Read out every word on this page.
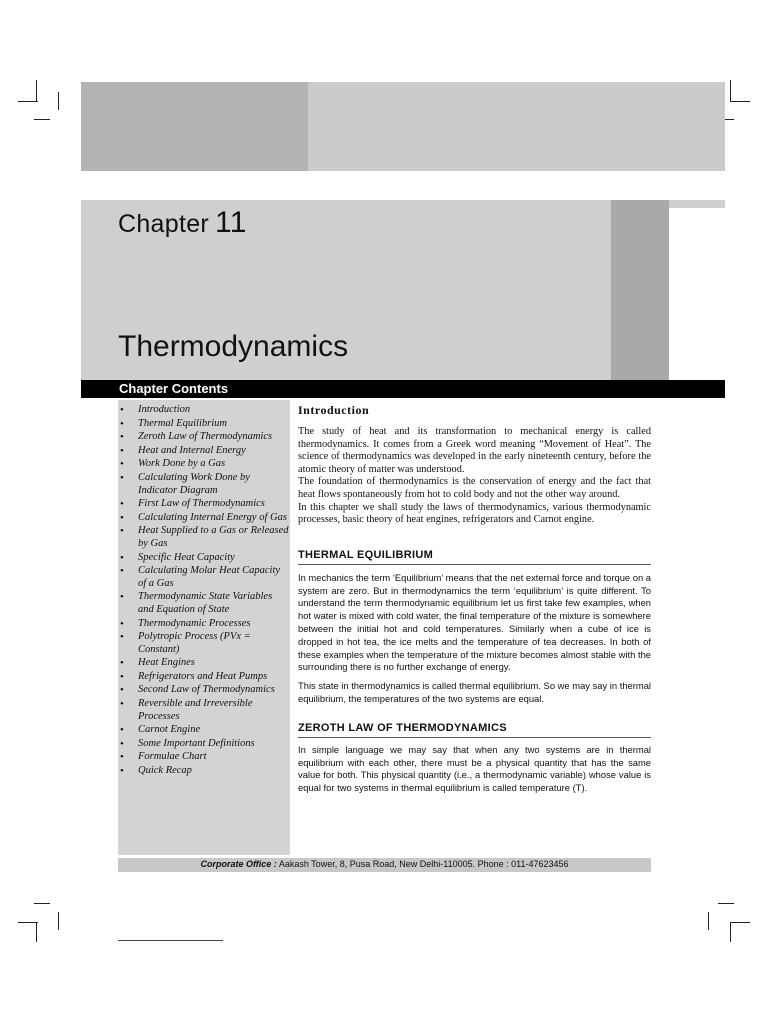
Chapter 11
Thermodynamics
Chapter Contents
• Introduction
• Thermal Equilibrium
• Zeroth Law of Thermodynamics
• Heat and Internal Energy
• Work Done by a Gas
• Calculating Work Done by Indicator Diagram
• First Law of Thermodynamics
• Calculating Internal Energy of Gas
• Heat Supplied to a Gas or Released by Gas
• Specific Heat Capacity
• Calculating Molar Heat Capacity of a Gas
• Thermodynamic State Variables and Equation of State
• Thermodynamic Processes
• Polytropic Process (PVx = Constant)
• Heat Engines
• Refrigerators and Heat Pumps
• Second Law of Thermodynamics
• Reversible and Irreversible Processes
• Carnot Engine
• Some Important Definitions
• Formulae Chart
• Quick Recap

Introduction

The study of heat and its transformation to mechanical energy is called thermodynamics. It comes from a Greek word meaning “Movement of Heat”. The science of thermodynamics was developed in the early nineteenth century, before the atomic theory of matter was understood.

The foundation of thermodynamics is the conservation of energy and the fact that heat flows spontaneously from hot to cold body and not the other way around.

In this chapter we shall study the laws of thermodynamics, various thermodynamic processes, basic theory of heat engines, refrigerators and Carnot engine.

THERMAL EQUILIBRIUM

In mechanics the term ‘Equilibrium’ means that the net external force and torque on a system are zero. But in thermodynamics the term ‘equilibrium’ is quite different. To understand the term thermodynamic equilibrium let us first take few examples, when hot water is mixed with cold water, the final temperature of the mixture is somewhere between the initial hot and cold temperatures. Similarly when a cube of ice is dropped in hot tea, the ice melts and the temperature of tea decreases. In both of these examples when the temperature of the mixture becomes almost stable with the surrounding there is no further exchange of energy.

This state in thermodynamics is called thermal equilibrium. So we may say in thermal equilibrium, the temperatures of the two systems are equal.

ZEROTH LAW OF THERMODYNAMICS

In simple language we may say that when any two systems are in thermal equilibrium with each other, there must be a physical quantity that has the same value for both. This physical quantity (i.e., a thermodynamic variable) whose value is equal for two systems in thermal equilibrium is called temperature (T).

Corporate Office : Aakash Tower, 8, Pusa Road, New Delhi-110005. Phone : 011-47623456
